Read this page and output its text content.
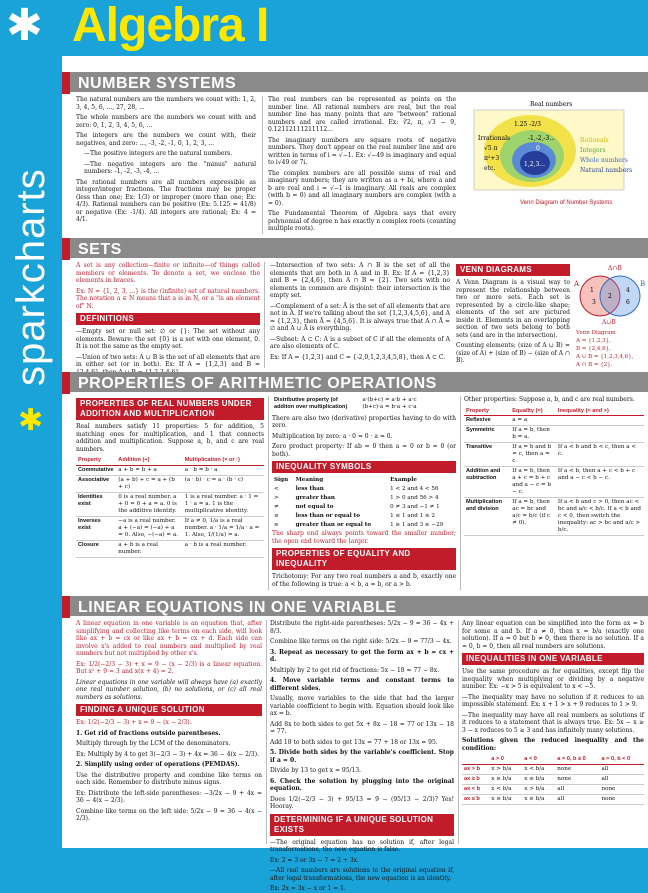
✱ Algebra I
sparkcharts
✱
NUMBER SYSTEMS

The natural numbers are the numbers we count with: 1, 2, 3, 4, 5, 6, ..., 27, 28, ...

The whole numbers are the numbers we count with and zero: 0, 1, 2, 3, 4, 5, 6, ...

The integers are the numbers we count with, their negatives, and zero: ..., -3, -2, -1, 0, 1, 2, 3, ...

—The positive integers are the natural numbers.

—The negative integers are the "minus" natural numbers: -1, -2, -3, -4, ...

The rational numbers are all numbers expressible as integer/integer fractions. The fractions may be proper (less than one; Ex: 1/3) or improper (more than one; Ex: 4/3). Rational numbers can be positive (Ex: 5.125 = 41/8) or negative (Ex: -1/4). All integers are rational; Ex: 4 = 4/1.

The real numbers can be represented as points on the number line. All rational numbers are real, but the real number line has many points that are "between" rational numbers and are called irrational. Ex: ∛2, π, √3 − 9, 0.12112111211112...

The imaginary numbers are square roots of negative numbers. They don't appear on the real number line and are written in terms of i = √−1. Ex: √−49 is imaginary and equal to i√49 or 7i.

The complex numbers are all possible sums of real and imaginary numbers; they are written as a + bi, where a and b are real and i = √−1 is imaginary. All reals are complex (with b = 0) and all imaginary numbers are complex (with a = 0).

The Fundamental Theorem of Algebra says that every polynomial of degree n has exactly n complex roots (counting multiple roots).

Real numbers
Irrationals
√5 π
π²+3
etc.
1.25 -2/3
-1,-2,-3...
0
1,2,3...
Rationals
Integers
Whole numbers
Natural numbers
Venn Diagram of Number Systems
SETS

A set is any collection—finite or infinite—of things called members or elements. To denote a set, we enclose the elements in braces.

Ex: N = {1, 2, 3, ...} is the (infinite) set of natural numbers. The notation a ∈ N means that a is in N, or a "is an element of" N.

DEFINITIONS

—Empty set or null set: ∅ or {}: The set without any elements. Beware: the set {0} is a set with one element, 0. It is not the same as the empty set.

—Union of two sets: A ∪ B is the set of all elements that are in either set (or in both). Ex: If A = {1,2,3} and B =

—Intersection of two sets: A ∩ B is the set of all the elements that are both in A and in B. Ex: If A = {1,2,3} and B = {2,4,6}, then A ∩ B = {2}. Two sets with no elements in common are disjoint: their intersection is the empty set.

—Complement of a set: Ā is the set of all elements that are not in A. If we're talking about the set {1,2,3,4,5,6}, and A = {1,2,3}, then Ā = {4,5,6}. It is always true that A ∩ Ā = ∅ and A ∪ Ā is everything.

—Subset: A ⊂ C: A is a subset of C if all the elements of A are also elements of C.

Ex: If A = {1,2,3} and C = {-2,0,1,2,3,4,5,8}, then A ⊂ C.

VENN DIAGRAMS

A Venn Diagram is a visual way to represent the relationship between two or more sets. Each set is represented by a circle-like shape; elements of the set are pictured inside it. Elements in an overlapping section of two sets belong to both sets (and are in the intersection).

Counting elements: (size of A ∪ B) = (size of A) + (size of B) − (size of A ∩ B).

A∩B
A	B
1
3
2
4
6
A∪B
Venn Diagram
A = {1,2,3},
B = {2,4,6},
A ∪ B = {1,2,3,4,6},
A ∩ B = {2}.
PROPERTIES OF ARITHMETIC OPERATIONS
PROPERTIES OF REAL NUMBERS UNDER ADDITION AND MULTIPLICATION

Real numbers satisfy 11 properties: 5 for addition, 5 matching ones for multiplication, and 1 that connects addition and multiplication. Suppose a, b, and c are real numbers.

Property	Addition (+)	Multiplication (× or ·)
Commutative	a + b = b + a	a · b = b · a
Associative	(a + b) + c = a + (b + c)	(a · b) · c = a · (b · c)
Identities exist	0 is a real number. a + 0 = 0 + a = a. 0 is the additive identity.	1 is a real number. a · 1 = 1 · a = a. 1 is the multiplicative identity.
Inverses exist	−a is a real number. a + (−a) = (−a) + a = 0. Also, −(−a) = a.	If a ≠ 0, 1/a is a real number. a · 1/a = 1/a · a = 1. Also, 1/(1/a) = a.
Closure	a + b is a real number.	a · b is a real number.
Distributive property (of additon over multiplication)	a·(b+c) = a·b + a·c
(b+c)·a = b·a + c·a

There are also two (derivative) properties having to do with zero.

Multiplication by zero: a · 0 = 0 · a = 0.

Zero product property: If ab = 0 then a = 0 or b = 0 (or both).

INEQUALITY SYMBOLS
Sign	Meaning	Example
<	less than	1 < 2 and 4 < 56
>	greater than	1 > 0 and 56 > 4
≠	not equal to	0 ≠ 3 and −1 ≠ 1
≤	less than or equal to	1 ≤ 1 and 1 ≤ 2
≥	greater than or equal to	1 ≥ 1 and 3 ≥ −29

The sharp end always points toward the smaller number; the open end toward the larger.

PROPERTIES OF EQUALITY AND INEQUALITY

Trichotomy: For any two real numbers a and b, exactly one of the following is true: a < b, a = b, or a > b.

Other properties: Suppose a, b, and c are real numbers.

Property	Equality (=)	Inequality (< and >)
Reflexive	a = a	
Symmetric	If a = b, then b = a.	
Transitive	If a = b and b = c, then a = c.	If a < b and b < c, then a < c.
Addition and subtraction	If a = b, then a + c = b + c and a − c = b − c.	If a < b, then a + c < b + c and a − c < b − c.
Multiplication and division	If a = b, then ac = bc and a/c = b/c (if c ≠ 0).	If a < b and c > 0, then ac < bc and a/c < b/c. If a < b and c < 0, then switch the inequality: ac > bc and a/c > b/c.
LINEAR EQUATIONS IN ONE VARIABLE

A linear equation in one variable is an equation that, after simplifying and collecting like terms on each side, will look like ax + b = cx or like ax + b = cx + d. Each side can involve x's added to real numbers and multiplied by real numbers but not multiplied by other x's.

Ex: 1/2(−2/3 − 3) + x = 9 − (x − 2/3) is a linear equation. But x² + 9 = 3 and x(x + 4) = 2.

Linear equations in one variable will always have (a) exactly one real number solution, (b) no solutions, or (c) all real numbers as solutions.

FINDING A UNIQUE SOLUTION

Ex: 1/2(−2/3 − 3) + x = 9 − (x − 2/3).

1. Get rid of fractions outside parentheses.

Multiply through by the LCM of the denominators.

Ex: Multiply by 4 to get 3(−2/3 − 3) + 4x = 36 − 4(x − 2/3).

2. Simplify using order of operations (PEMDAS).

Use the distributive property and combine like terms on each side. Remember to distribute minus signs.

Ex: Distribute the left-side parentheses: −3/2x − 9 + 4x = 36 − 4(x − 2/3).

Combine like terms on the left side: 5/2x − 9 = 36 − 4(x − 2/3).

Distribute the right-side parentheses: 5/2x − 9 = 36 − 4x + 8/3.

Combine like terms on the right side: 5/2x − 9 = 77/3 − 4x.

3. Repeat as necessary to get the form ax + b = cx + d.

Multiply by 2 to get rid of fractions: 5x − 18 = 77 − 8x.

4. Move variable terms and constant terms to different sides.

Usually, move variables to the side that had the larger variable coefficient to begin with. Equation should look like ax = b.

Add 8x to both sides to get 5x + 8x − 18 = 77 or 13x − 18 = 77.

Add 18 to both sides to get 13x = 77 + 18 or 13x = 95.

5. Divide both sides by the variable's coefficient. Stop if a = 0.

Divide by 13 to get x = 95/13.

6. Check the solution by plugging into the original equation.

Does 1/2(−2/3 − 3) + 95/13 = 9 − (95/13 − 2/3)? Yes! Hooray.

DETERMINING IF A UNIQUE SOLUTION EXISTS

—The original equation has no solution if, after legal transformations, the new equation is false.

Ex: 2 = 3 or 3x − 7 = 2 + 3x.

—All real numbers are solutions to the original equation if, after legal transformations, the new equation is an identity.

Ex: 2x = 3x − x or 1 = 1.

Any linear equation can be simplified into the form ax = b for some a and b. If a ≠ 0, then x = b/a (exactly one solution). If a = 0 but b ≠ 0, then there is no solution. If a = 0, b = 0, then all real numbers are solutions.

INEQUALITIES IN ONE VARIABLE

Use the same procedure as for equalities, except flip the inequality when multiplying or dividing by a negative number. Ex: −x > 5 is equivalent to x < −5.

—The inequality may have no solution if it reduces to an impossible statement. Ex: x + 1 > x + 9 reduces to 1 > 9.

—The inequality may have all real numbers as solutions if it reduces to a statement that is always true. Ex: 5x − x ≥ 3 − x reduces to 5 ≥ 3 and has infinitely many solutions.

Solutions given the reduced inequality and the condition:

	a > 0	a < 0	a = 0, b ≥ 0	a = 0, b < 0
ax > b	x > b/a	x < b/a	none	all
ax ≥ b	x ≥ b/a	x ≤ b/a	none	all
ax < b	x < b/a	x > b/a	all	none
ax ≤ b	x ≤ b/a	x ≥ b/a	all	none
